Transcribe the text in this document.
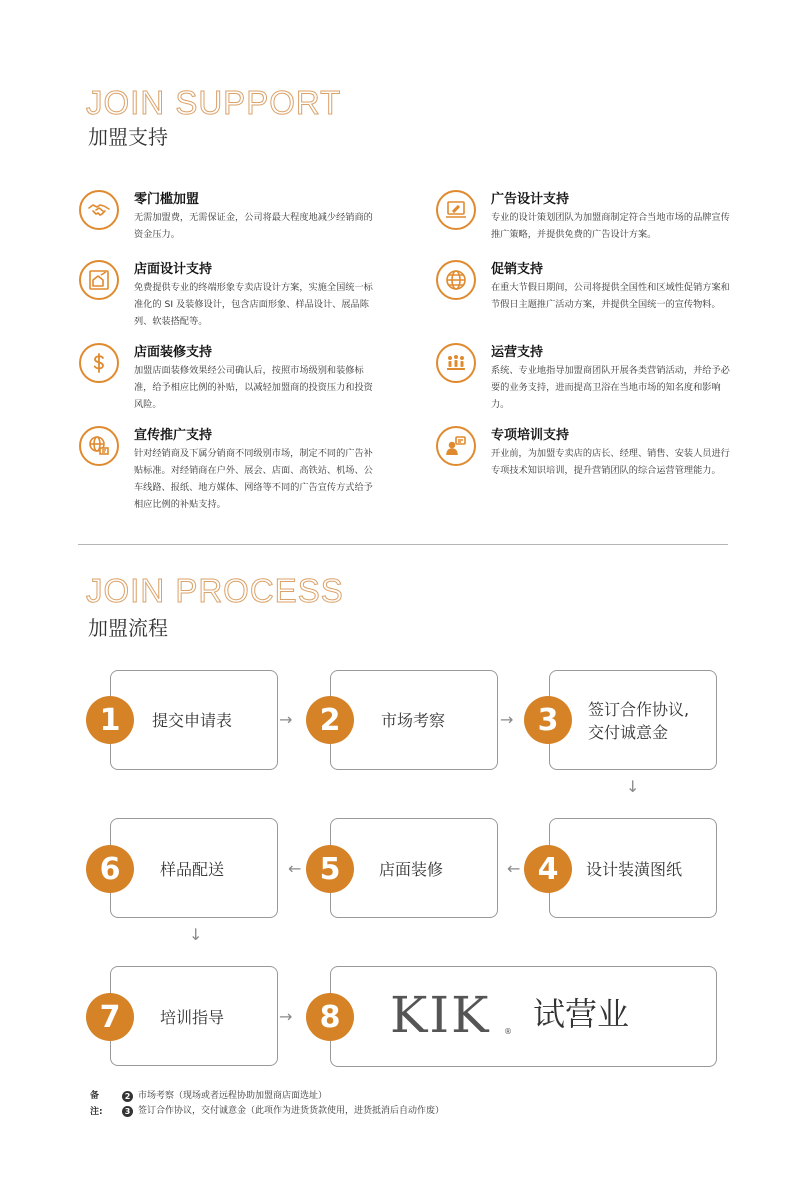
JOIN SUPPORT
加盟支持
零门槛加盟
无需加盟费，无需保证金，公司将最大程度地减少经销商的资金压力。
广告设计支持
专业的设计策划团队为加盟商制定符合当地市场的品牌宣传推广策略，并提供免费的广告设计方案。
店面设计支持
免费提供专业的终端形象专卖店设计方案，实施全国统一标准化的 SI 及装修设计，包含店面形象、样品设计、展品陈列、软装搭配等。
促销支持
在重大节假日期间，公司将提供全国性和区域性促销方案和节假日主题推广活动方案，并提供全国统一的宣传物料。
店面装修支持
加盟店面装修效果经公司确认后，按照市场级别和装修标准，给予相应比例的补贴，以减轻加盟商的投资压力和投资风险。
运营支持
系统、专业地指导加盟商团队开展各类营销活动，并给予必要的业务支持，进而提高卫浴在当地市场的知名度和影响力。
宣传推广支持
针对经销商及下属分销商不同级别市场，制定不同的广告补贴标准。对经销商在户外、展会、店面、高铁站、机场、公车线路、报纸、地方媒体、网络等不同的广告宣传方式给予相应比例的补贴支持。
专项培训支持
开业前，为加盟专卖店的店长、经理、销售、安装人员进行专项技术知识培训，提升营销团队的综合运营管理能力。
JOIN PROCESS
加盟流程
提交申请表
1	→	市场考察
2	→
签订合作协议,
交付诚意金
3
↓
样品配送
6	←	店面装修
5	←	设计装潢图纸
4
↓
培训指导
7	→ KIK ® 试营业
8
备注:
2 市场考察（现场或者远程协助加盟商店面选址）
3 签订合作协议，交付诚意金（此项作为进货货款使用，进货抵消后自动作废）
